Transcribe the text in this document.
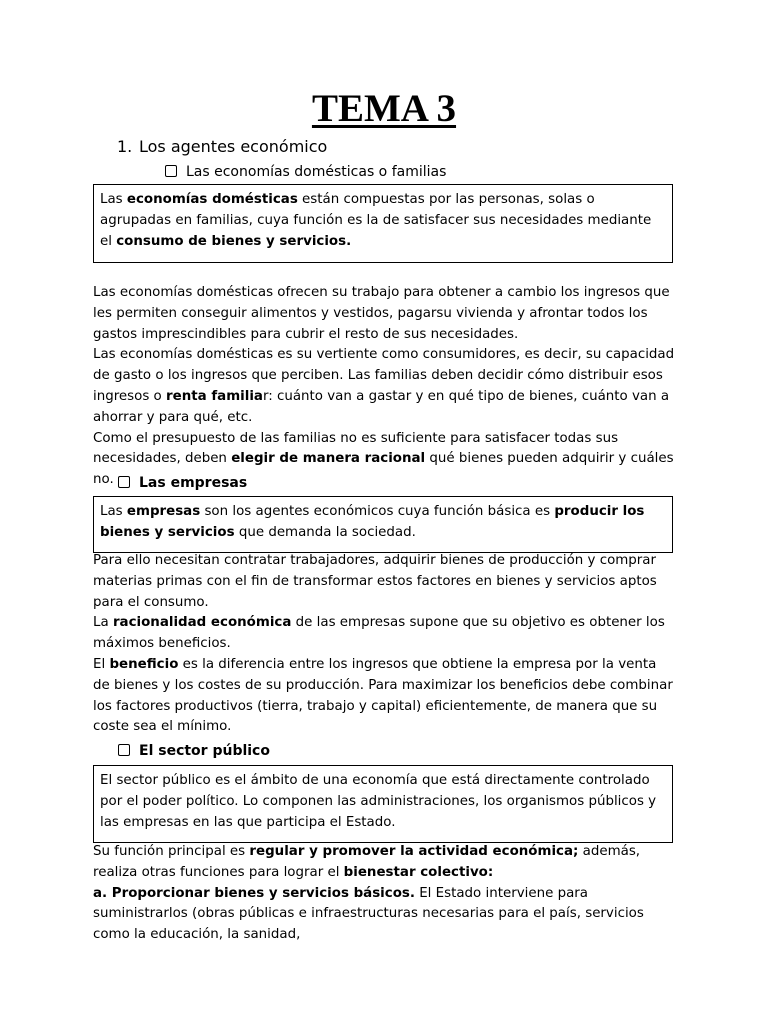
TEMA 3
1. Los agentes económico
Las economías domésticas o familias
Las economías domésticas están compuestas por las personas, solas o agrupadas en familias, cuya función es la de satisfacer sus necesidades mediante el consumo de bienes y servicios.

Las economías domésticas ofrecen su trabajo para obtener a cambio los ingresos que les permiten conseguir alimentos y vestidos, pagarsu vivienda y afrontar todos los gastos imprescindibles para cubrir el resto de sus necesidades.

Las economías domésticas es su vertiente como consumidores, es decir, su capacidad de gasto o los ingresos que perciben. Las familias deben decidir cómo distribuir esos ingresos o renta familiar: cuánto van a gastar y en qué tipo de bienes, cuánto van a ahorrar y para qué, etc.

Como el presupuesto de las familias no es suficiente para satisfacer todas sus necesidades, deben elegir de manera racional qué bienes pueden adquirir y cuáles no.	Las empresas
Las empresas son los agentes económicos cuya función básica es producir los bienes y servicios que demanda la sociedad.

Para ello necesitan contratar trabajadores, adquirir bienes de producción y comprar materias primas con el fin de transformar estos factores en bienes y servicios aptos para el consumo.

La racionalidad económica de las empresas supone que su objetivo es obtener los máximos beneficios.

El beneficio es la diferencia entre los ingresos que obtiene la empresa por la venta de bienes y los costes de su producción. Para maximizar los beneficios debe combinar los factores productivos (tierra, trabajo y capital) eficientemente, de manera que su coste sea el mínimo.

El sector público
El sector público es el ámbito de una economía que está directamente controlado por el poder político. Lo componen las administraciones, los organismos públicos y las empresas en las que participa el Estado.

Su función principal es regular y promover la actividad económica; además, realiza otras funciones para lograr el bienestar colectivo:

a. Proporcionar bienes y servicios básicos. El Estado interviene para suministrarlos (obras públicas e infraestructuras necesarias para el país, servicios como la educación, la sanidad,
